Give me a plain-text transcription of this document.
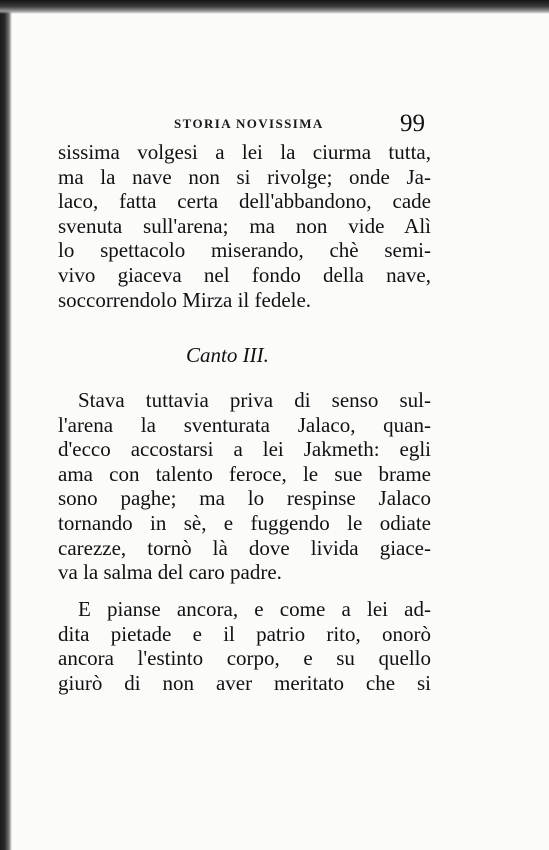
STORIA NOVISSIMA	99
sissima volgesi a lei la ciurma tutta,
ma la nave non si rivolge; onde Ja-
laco, fatta certa dell'abbandono, cade
svenuta sull'arena; ma non vide Alì
lo spettacolo miserando, chè semi-
vivo giaceva nel fondo della nave,
soccorrendolo Mirza il fedele.
Canto III.
Stava tuttavia priva di senso sul-
l'arena la sventurata Jalaco, quan-
d'ecco accostarsi a lei Jakmeth: egli
ama con talento feroce, le sue brame
sono paghe; ma lo respinse Jalaco
tornando in sè, e fuggendo le odiate
carezze, tornò là dove livida giace-
va la salma del caro padre.
E pianse ancora, e come a lei ad-
dita pietade e il patrio rito, onorò
ancora l'estinto corpo, e su quello
giurò di non aver meritato che si
